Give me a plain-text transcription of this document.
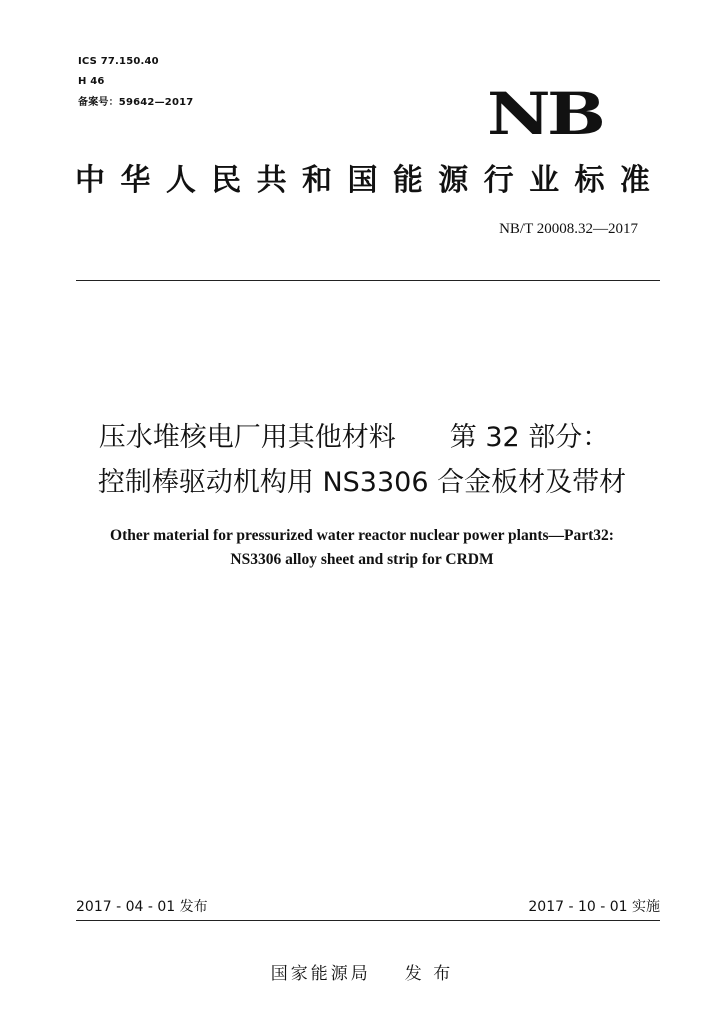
ICS 77.150.40
H 46
备案号：59642—2017	NB
中 华 人 民 共 和 国 能 源 行 业 标 准
NB/T 20008.32—2017
压水堆核电厂用其他材料　　第 32 部分：
控制棒驱动机构用 NS3306 合金板材及带材
Other material for pressurized water reactor nuclear power plants—Part32:
NS3306 alloy sheet and strip for CRDM
2017 - 04 - 01 发布	2017 - 10 - 01 实施
国家能源局 发 布
